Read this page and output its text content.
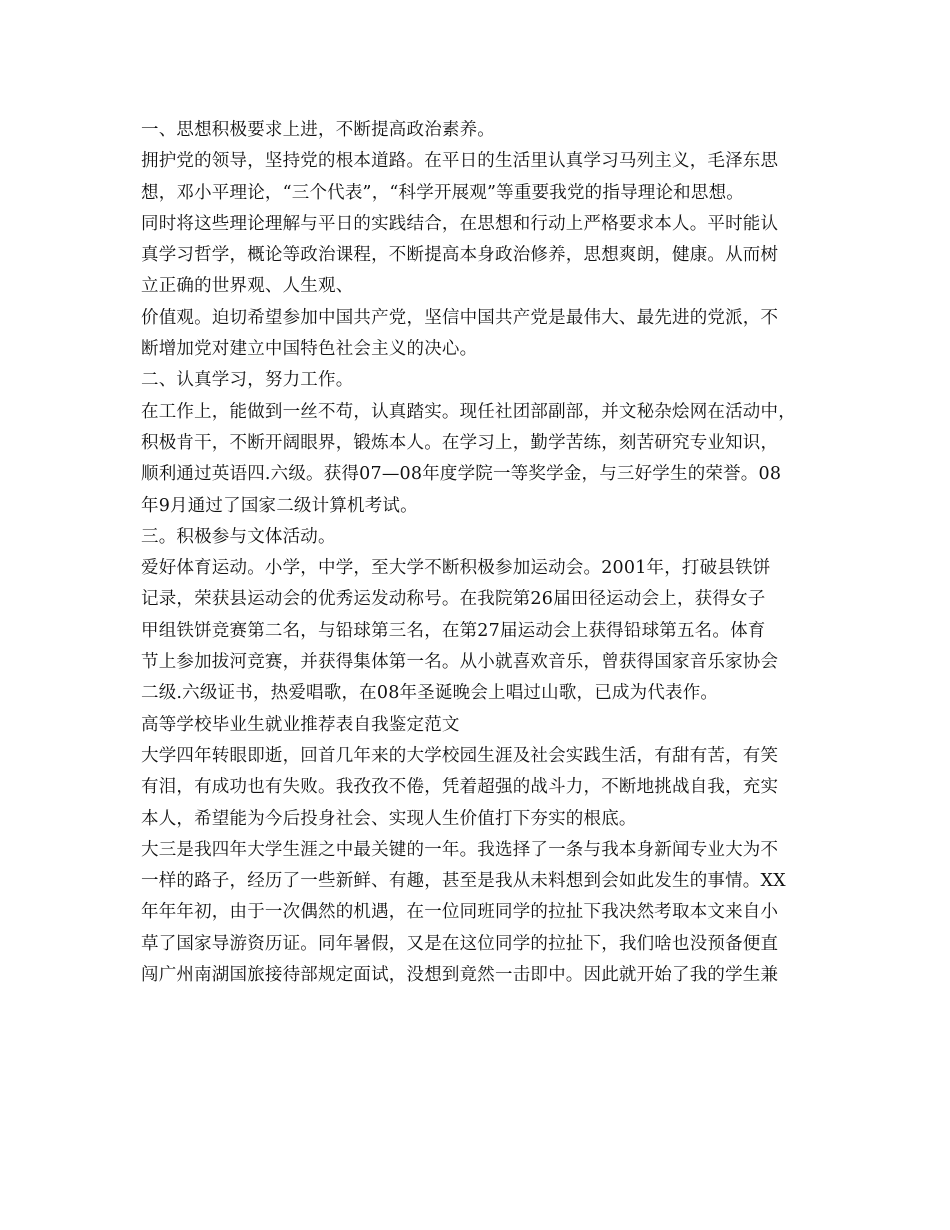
一、思想积极要求上进，不断提高政治素养。
拥护党的领导，坚持党的根本道路。在平日的生活里认真学习马列主义，毛泽东思
想，邓小平理论，“三个代表”，“科学开展观”等重要我党的指导理论和思想。
同时将这些理论理解与平日的实践结合，在思想和行动上严格要求本人。平时能认
真学习哲学，概论等政治课程，不断提高本身政治修养，思想爽朗，健康。从而树
立正确的世界观、人生观、
价值观。迫切希望参加中国共产党，坚信中国共产党是最伟大、最先进的党派，不
断增加党对建立中国特色社会主义的决心。
二、认真学习，努力工作。
在工作上，能做到一丝不苟，认真踏实。现任社团部副部，并文秘杂烩网在活动中，
积极肯干，不断开阔眼界，锻炼本人。在学习上，勤学苦练，刻苦研究专业知识，
顺利通过英语四.六级。获得07—08年度学院一等奖学金，与三好学生的荣誉。08
年9月通过了国家二级计算机考试。
三。积极参与文体活动。
爱好体育运动。小学，中学，至大学不断积极参加运动会。2001年，打破县铁饼
记录，荣获县运动会的优秀运发动称号。在我院第26届田径运动会上，获得女子
甲组铁饼竞赛第二名，与铅球第三名，在第27届运动会上获得铅球第五名。体育
节上参加拔河竞赛，并获得集体第一名。从小就喜欢音乐，曾获得国家音乐家协会
二级.六级证书，热爱唱歌，在08年圣诞晚会上唱过山歌，已成为代表作。
高等学校毕业生就业推荐表自我鉴定范文
大学四年转眼即逝，回首几年来的大学校园生涯及社会实践生活，有甜有苦，有笑
有泪，有成功也有失败。我孜孜不倦，凭着超强的战斗力，不断地挑战自我，充实
本人，希望能为今后投身社会、实现人生价值打下夯实的根底。
大三是我四年大学生涯之中最关键的一年。我选择了一条与我本身新闻专业大为不
一样的路子，经历了一些新鲜、有趣，甚至是我从未料想到会如此发生的事情。XX
年年年初，由于一次偶然的机遇，在一位同班同学的拉扯下我决然考取本文来自小
草了国家导游资历证。同年暑假，又是在这位同学的拉扯下，我们啥也没预备便直
闯广州南湖国旅接待部规定面试，没想到竟然一击即中。因此就开始了我的学生兼
